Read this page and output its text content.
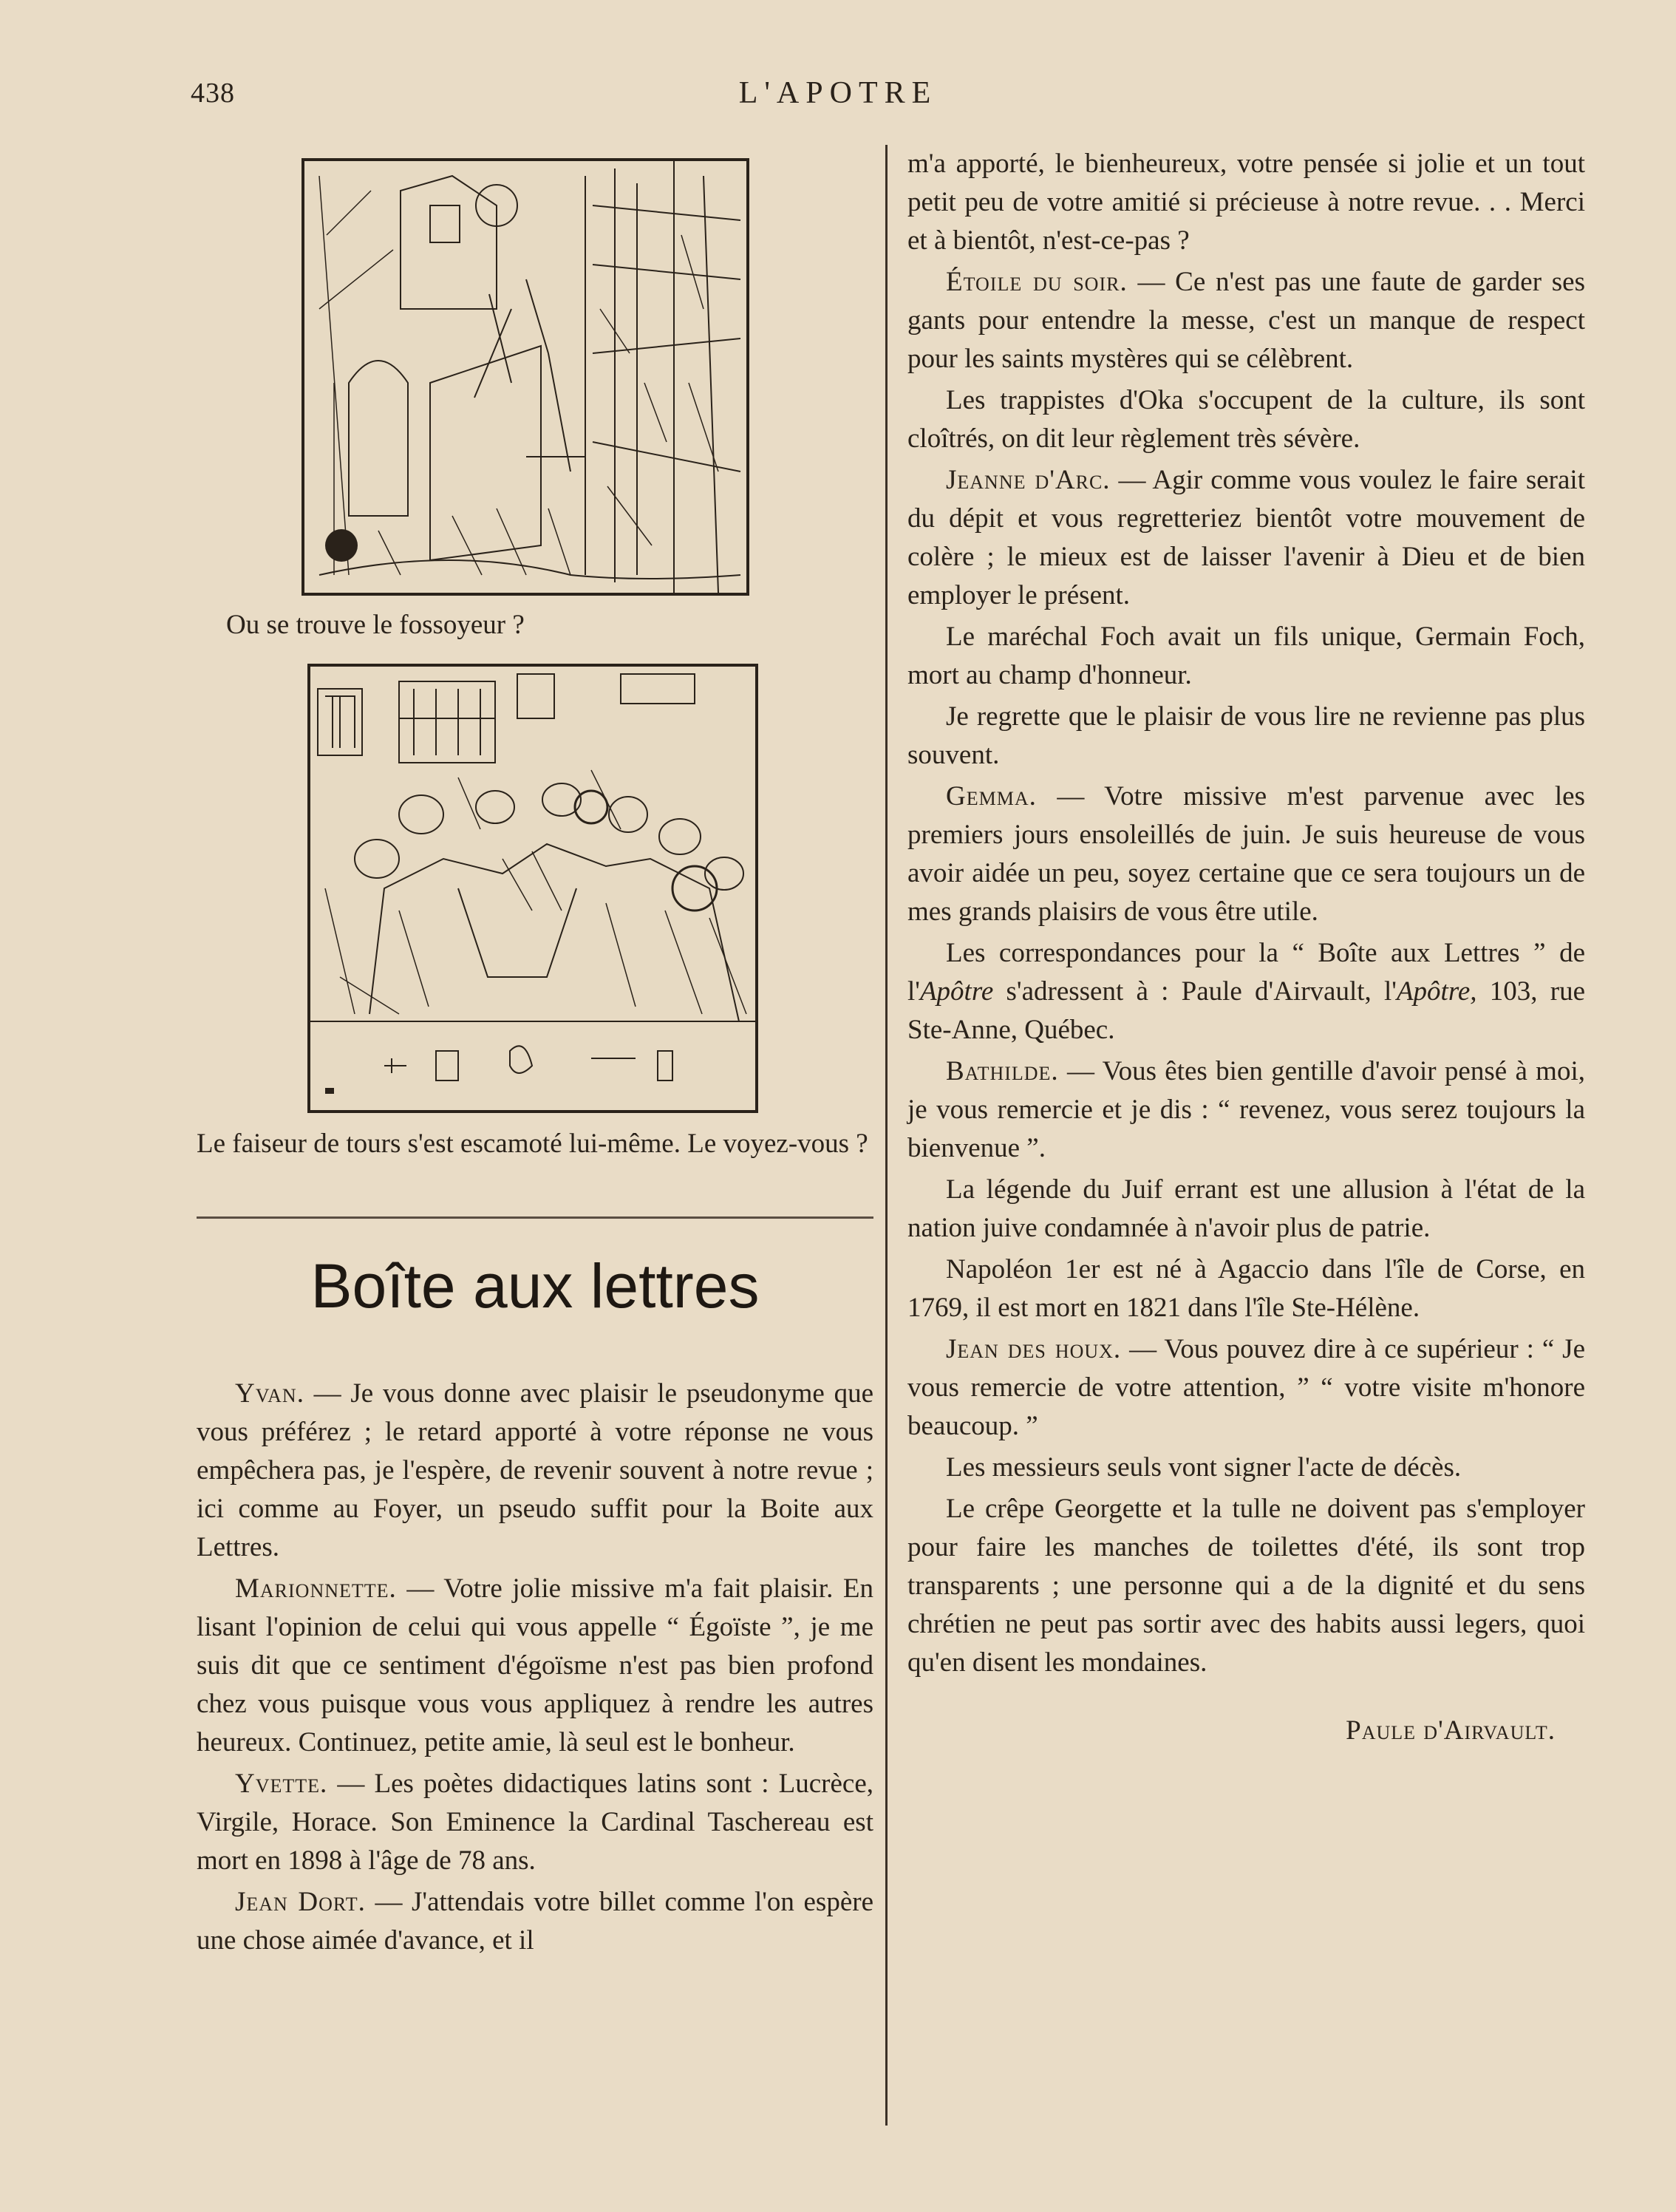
438	L'APOTRE
Ou se trouve le fossoyeur ?
Le faiseur de tours s'est escamoté lui-même. Le voyez-vous ?
Boîte aux lettres

Yvan. — Je vous donne avec plaisir le pseudonyme que vous préférez ; le retard apporté à votre réponse ne vous empêchera pas, je l'espère, de revenir souvent à notre revue ; ici comme au Foyer, un pseudo suffit pour la Boite aux Lettres.

Marionnette. — Votre jolie missive m'a fait plaisir. En lisant l'opinion de celui qui vous appelle “ Égoïste ”, je me suis dit que ce sentiment d'égoïsme n'est pas bien profond chez vous puisque vous vous appliquez à rendre les autres heureux. Continuez, petite amie, là seul est le bonheur.

Yvette. — Les poètes didactiques latins sont : Lucrèce, Virgile, Horace. Son Eminence la Cardinal Taschereau est mort en 1898 à l'âge de 78 ans.

Jean Dort. — J'attendais votre billet comme l'on espère une chose aimée d'avance, et il

m'a apporté, le bienheureux, votre pensée si jolie et un tout petit peu de votre amitié si précieuse à notre revue. . . Merci et à bientôt, n'est-ce-pas ?

Étoile du soir. — Ce n'est pas une faute de garder ses gants pour entendre la messe, c'est un manque de respect pour les saints mystères qui se célèbrent.

Les trappistes d'Oka s'occupent de la culture, ils sont cloîtrés, on dit leur règlement très sévère.

Jeanne d'Arc. — Agir comme vous voulez le faire serait du dépit et vous regretteriez bientôt votre mouvement de colère ; le mieux est de laisser l'avenir à Dieu et de bien employer le présent.

Le maréchal Foch avait un fils unique, Germain Foch, mort au champ d'honneur.

Je regrette que le plaisir de vous lire ne revienne pas plus souvent.

Gemma. — Votre missive m'est parvenue avec les premiers jours ensoleillés de juin. Je suis heureuse de vous avoir aidée un peu, soyez certaine que ce sera toujours un de mes grands plaisirs de vous être utile.

Les correspondances pour la “ Boîte aux Lettres ” de l'Apôtre s'adressent à : Paule d'Airvault, l'Apôtre, 103, rue Ste-Anne, Québec.

Bathilde. — Vous êtes bien gentille d'avoir pensé à moi, je vous remercie et je dis : “ revenez, vous serez toujours la bienvenue ”.

La légende du Juif errant est une allusion à l'état de la nation juive condamnée à n'avoir plus de patrie.

Napoléon 1er est né à Agaccio dans l'île de Corse, en 1769, il est mort en 1821 dans l'île Ste-Hélène.

Jean des houx. — Vous pouvez dire à ce supérieur : “ Je vous remercie de votre attention, ” “ votre visite m'honore beaucoup. ”

Les messieurs seuls vont signer l'acte de décès.

Le crêpe Georgette et la tulle ne doivent pas s'employer pour faire les manches de toilettes d'été, ils sont trop transparents ; une personne qui a de la dignité et du sens chrétien ne peut pas sortir avec des habits aussi legers, quoi qu'en disent les mondaines.

Paule d'Airvault.
